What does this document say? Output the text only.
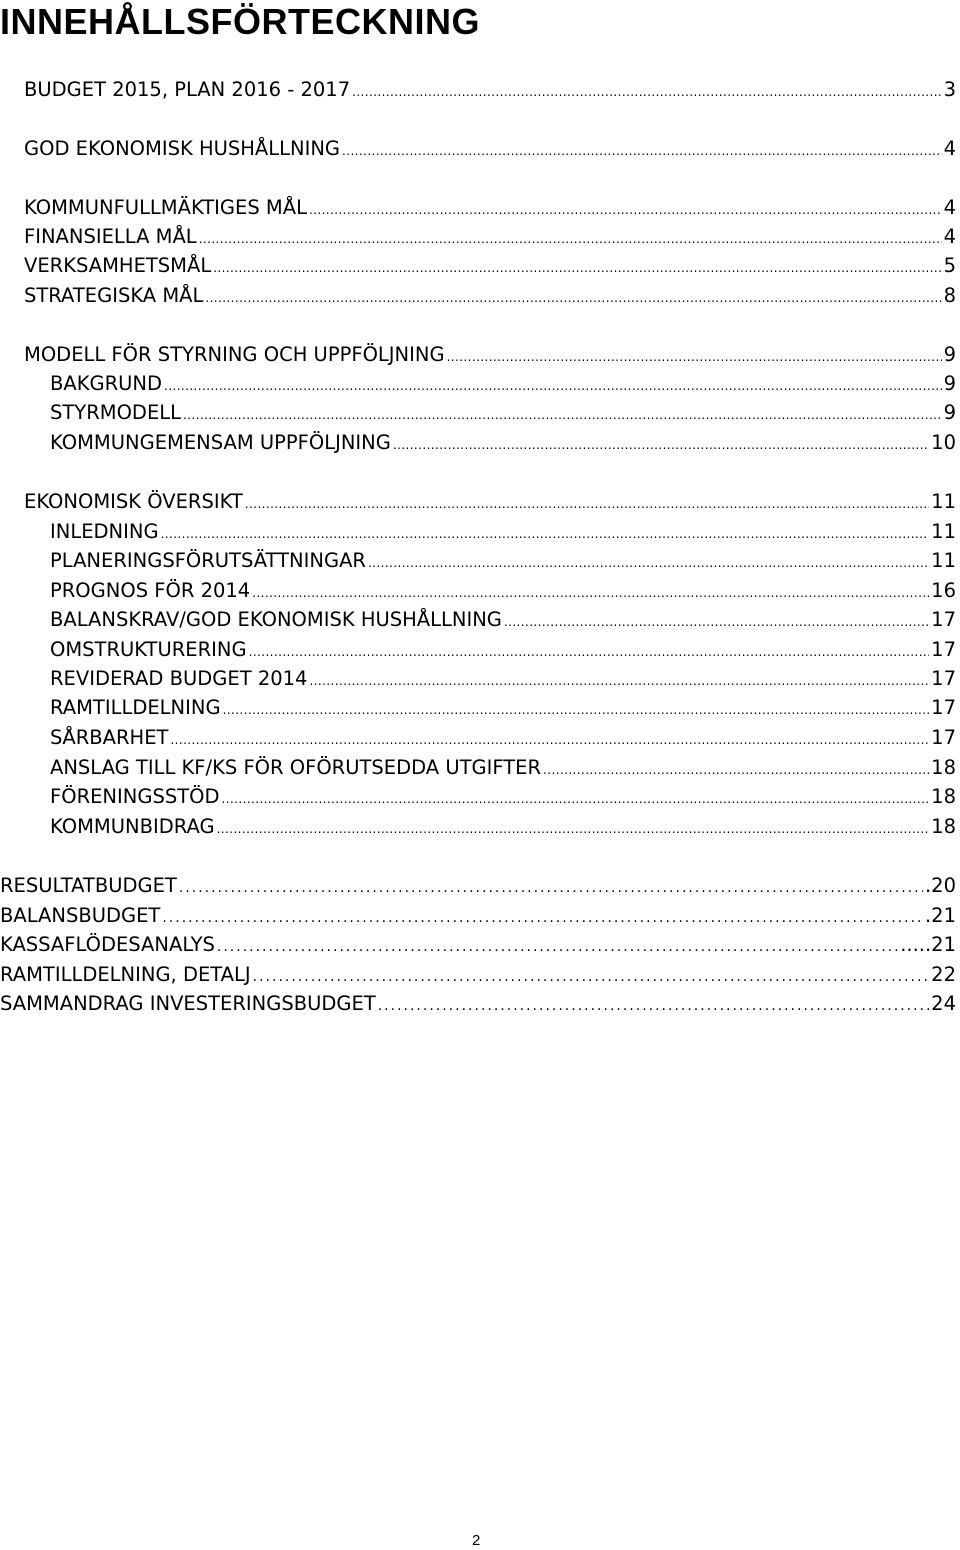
INNEHÅLLSFÖRTECKNING
BUDGET 2015, PLAN 2016 - 2017 .....	3
GOD EKONOMISK HUSHÅLLNING .....	4
KOMMUNFULLMÄKTIGES MÅL .....	4
FINANSIELLA MÅL .....	4
VERKSAMHETSMÅL .....	5
STRATEGISKA MÅL .....	8
MODELL FÖR STYRNING OCH UPPFÖLJNING .....	9
BAKGRUND .....	9
STYRMODELL .....	9
KOMMUNGEMENSAM UPPFÖLJNING .....	10
EKONOMISK ÖVERSIKT .....	11
INLEDNING .....	11
PLANERINGSFÖRUTSÄTTNINGAR .....	11
PROGNOS FÖR 2014 .....	16
BALANSKRAV/GOD EKONOMISK HUSHÅLLNING .....	17
OMSTRUKTURERING .....	17
REVIDERAD BUDGET 2014 .....	17
RAMTILLDELNING .....	17
SÅRBARHET .....	17
ANSLAG TILL KF/KS FÖR OFÖRUTSEDDA UTGIFTER .....	18
FÖRENINGSSTÖD .....	18
KOMMUNBIDRAG .....	18
RESULTATBUDGET .....	.20
BALANSBUDGET .....	.21
KASSAFLÖDESANALYS .....	.....21
RAMTILLDELNING, DETALJ .....	22
SAMMANDRAG INVESTERINGSBUDGET .....	24
2
